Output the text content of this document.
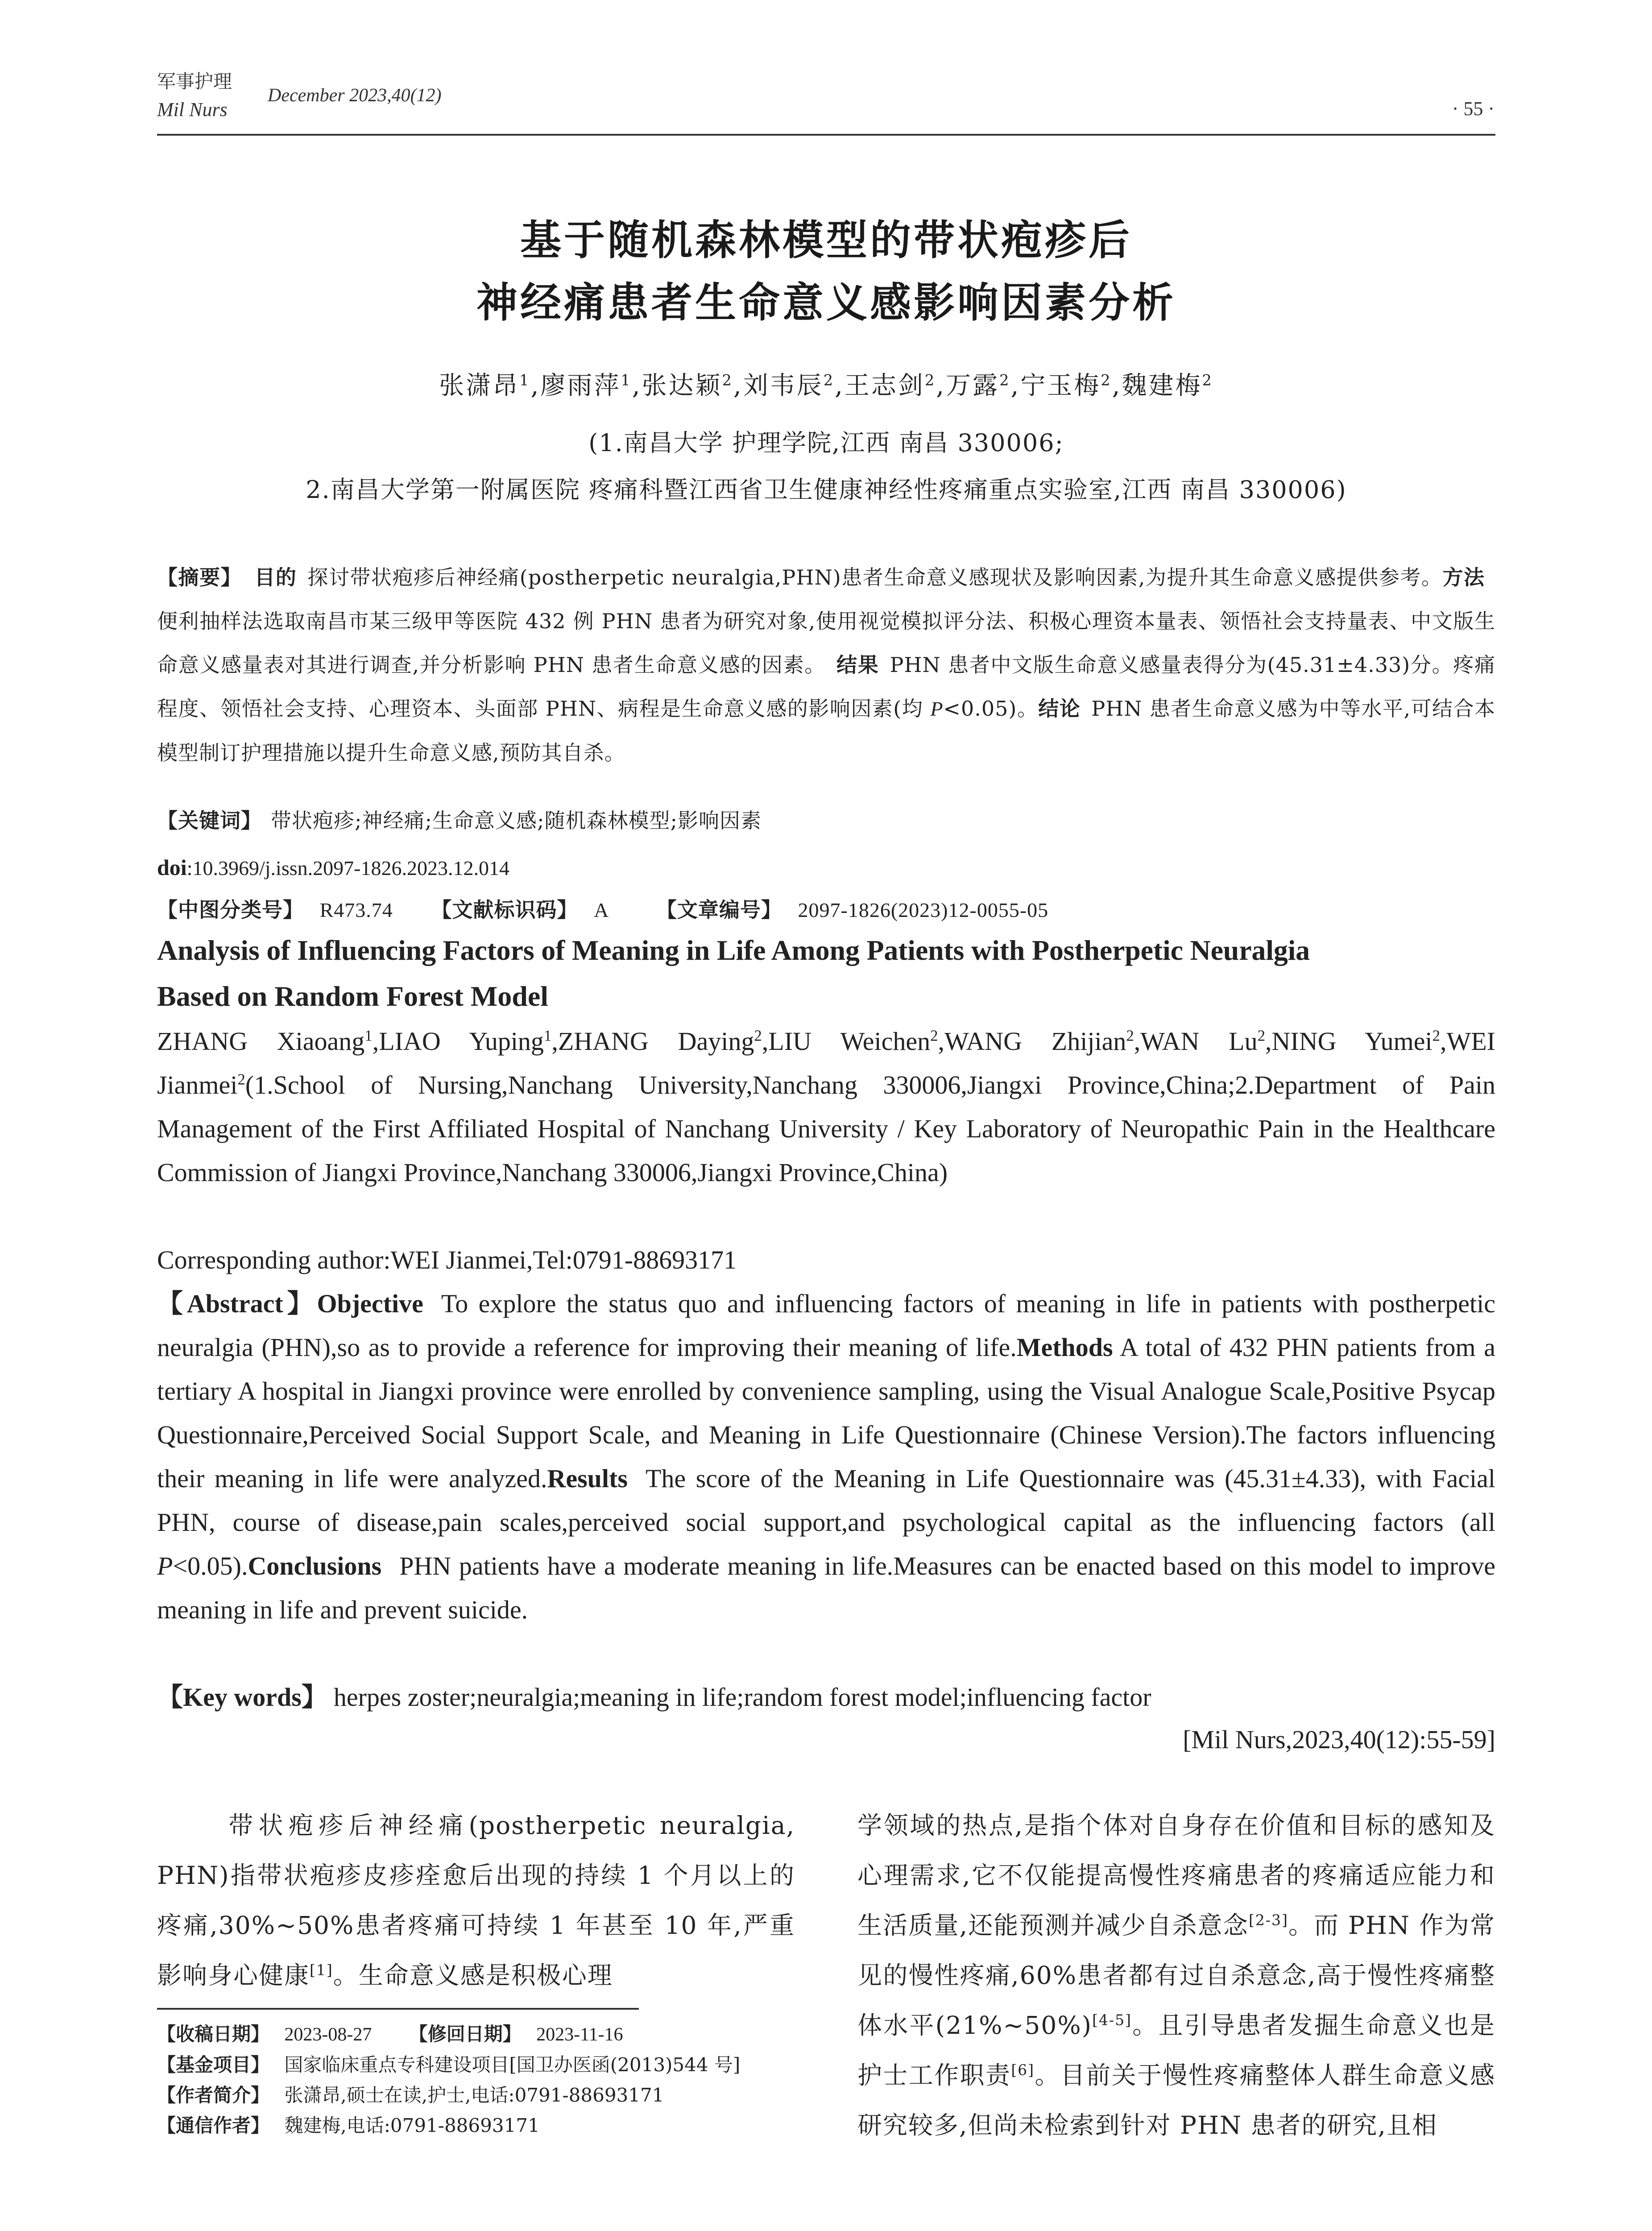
军事护理
Mil Nurs
December 2023,40(12)
· 55 ·
基于随机森林模型的带状疱疹后
神经痛患者生命意义感影响因素分析
张潇昂$^1$,廖雨萍$^1$,张达颖$^2$,刘韦辰$^2$,王志剑$^2$,万露$^2$,宁玉梅$^2$,魏建梅$^2$
(1.南昌大学 护理学院,江西 南昌 330006;
2.南昌大学第一附属医院 疼痛科暨江西省卫生健康神经性疼痛重点实验室,江西 南昌 330006)
【摘要】 目的 探讨带状疱疹后神经痛(postherpetic neuralgia,PHN)患者生命意义感现状及影响因素,为提升其生命意义感提供参考。方法便利抽样法选取南昌市某三级甲等医院 432 例 PHN 患者为研究对象,使用视觉模拟评分法、积极心理资本量表、领悟社会支持量表、中文版生命意义感量表对其进行调查,并分析影响 PHN 患者生命意义感的因素。 结果 PHN 患者中文版生命意义感量表得分为(45.31±4.33)分。疼痛程度、领悟社会支持、心理资本、头面部 PHN、病程是生命意义感的影响因素(均 P<0.05)。结论 PHN 患者生命意义感为中等水平,可结合本模型制订护理措施以提升生命意义感,预防其自杀。
【关键词】 带状疱疹;神经痛;生命意义感;随机森林模型;影响因素
doi:10.3969/j.issn.2097-1826.2023.12.014
【中图分类号】 R473.74 【文献标识码】 A 【文章编号】 2097-1826(2023)12-0055-05
Analysis of Influencing Factors of Meaning in Life Among Patients with Postherpetic Neuralgia
Based on Random Forest Model
ZHANG Xiaoang$^1$,LIAO Yuping$^1$,ZHANG Daying$^2$,LIU Weichen$^2$,WANG Zhijian$^2$,WAN Lu$^2$,NING Yumei$^2$,WEI Jianmei$^2$(1.School of Nursing,Nanchang University,Nanchang 330006,Jiangxi Province,China;2.Department of Pain Management of the First Affiliated Hospital of Nanchang University / Key Laboratory of Neuropathic Pain in the Healthcare Commission of Jiangxi Province,Nanchang 330006,Jiangxi Province,China)
Corresponding author:WEI Jianmei,Tel:0791-88693171
【Abstract】Objective To explore the status quo and influencing factors of meaning in life in patients with postherpetic neuralgia (PHN),so as to provide a reference for improving their meaning of life.Methods A total of 432 PHN patients from a tertiary A hospital in Jiangxi province were enrolled by convenience sampling, using the Visual Analogue Scale,Positive Psycap Questionnaire,Perceived Social Support Scale, and Meaning in Life Questionnaire (Chinese Version).The factors influencing their meaning in life were analyzed.Results The score of the Meaning in Life Questionnaire was (45.31±4.33), with Facial PHN, course of disease,pain scales,perceived social support,and psychological capital as the influencing factors (all P<0.05).Conclusions PHN patients have a moderate meaning in life.Measures can be enacted based on this model to improve meaning in life and prevent suicide.
【Key words】 herpes zoster;neuralgia;meaning in life;random forest model;influencing factor
[Mil Nurs,2023,40(12):55-59]
带状疱疹后神经痛(postherpetic neuralgia, PHN)指带状疱疹皮疹痊愈后出现的持续 1 个月以上的疼痛,30%~50%患者疼痛可持续 1 年甚至 10 年,严重影响身心健康[1]。生命意义感是积极心理
【收稿日期】 2023-08-27 【修回日期】 2023-11-16
【基金项目】 国家临床重点专科建设项目[国卫办医函(2013)544 号]
【作者简介】 张潇昂,硕士在读,护士,电话:0791-88693171
【通信作者】 魏建梅,电话:0791-88693171
学领域的热点,是指个体对自身存在价值和目标的感知及心理需求,它不仅能提高慢性疼痛患者的疼痛适应能力和生活质量,还能预测并减少自杀意念[2-3]。而 PHN 作为常见的慢性疼痛,60%患者都有过自杀意念,高于慢性疼痛整体水平(21%~50%)[4-5]。且引导患者发掘生命意义也是护士工作职责[6]。目前关于慢性疼痛整体人群生命意义感研究较多,但尚未检索到针对 PHN 患者的研究,且相
